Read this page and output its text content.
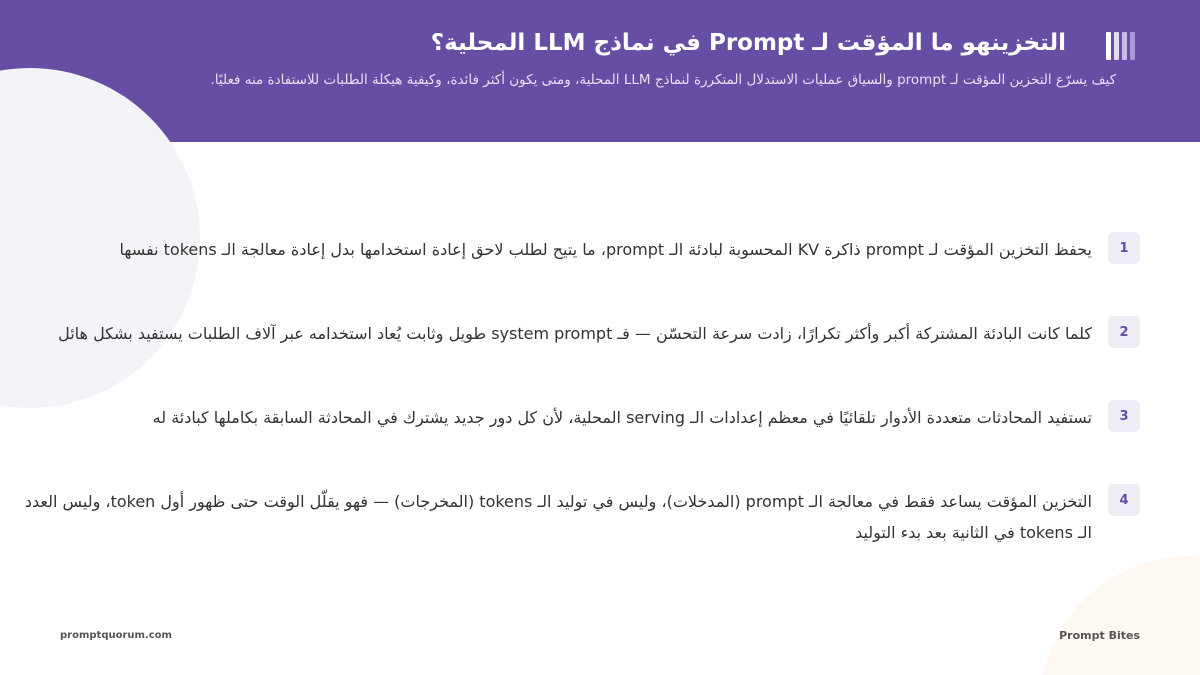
التخزينهو ما المؤقت لـ Prompt في نماذج LLM المحلية؟
كيف يسرّع التخزين المؤقت لـ prompt والسياق عمليات الاستدلال المتكررة لنماذج LLM المحلية، ومتى يكون أكثر فائدة، وكيفية هيكلة الطلبات للاستفادة منه فعليًا.
1
يحفظ التخزين المؤقت لـ prompt ذاكرة KV المحسوبة لبادئة الـ prompt، ما يتيح لطلب لاحق إعادة استخدامها بدل إعادة معالجة الـ tokens نفسها
2
كلما كانت البادئة المشتركة أكبر وأكثر تكرارًا، زادت سرعة التحسّن — فـ system prompt طويل وثابت يُعاد استخدامه عبر آلاف الطلبات يستفيد بشكل هائل
3
تستفيد المحادثات متعددة الأدوار تلقائيًا في معظم إعدادات الـ serving المحلية، لأن كل دور جديد يشترك في المحادثة السابقة بكاملها كبادئة له
4
التخزين المؤقت يساعد فقط في معالجة الـ prompt (المدخلات)، وليس في توليد الـ tokens (المخرجات) — فهو يقلّل الوقت حتى ظهور أول token، وليس العدد الـ tokens في الثانية بعد بدء التوليد
promptquorum.com	Prompt Bites
